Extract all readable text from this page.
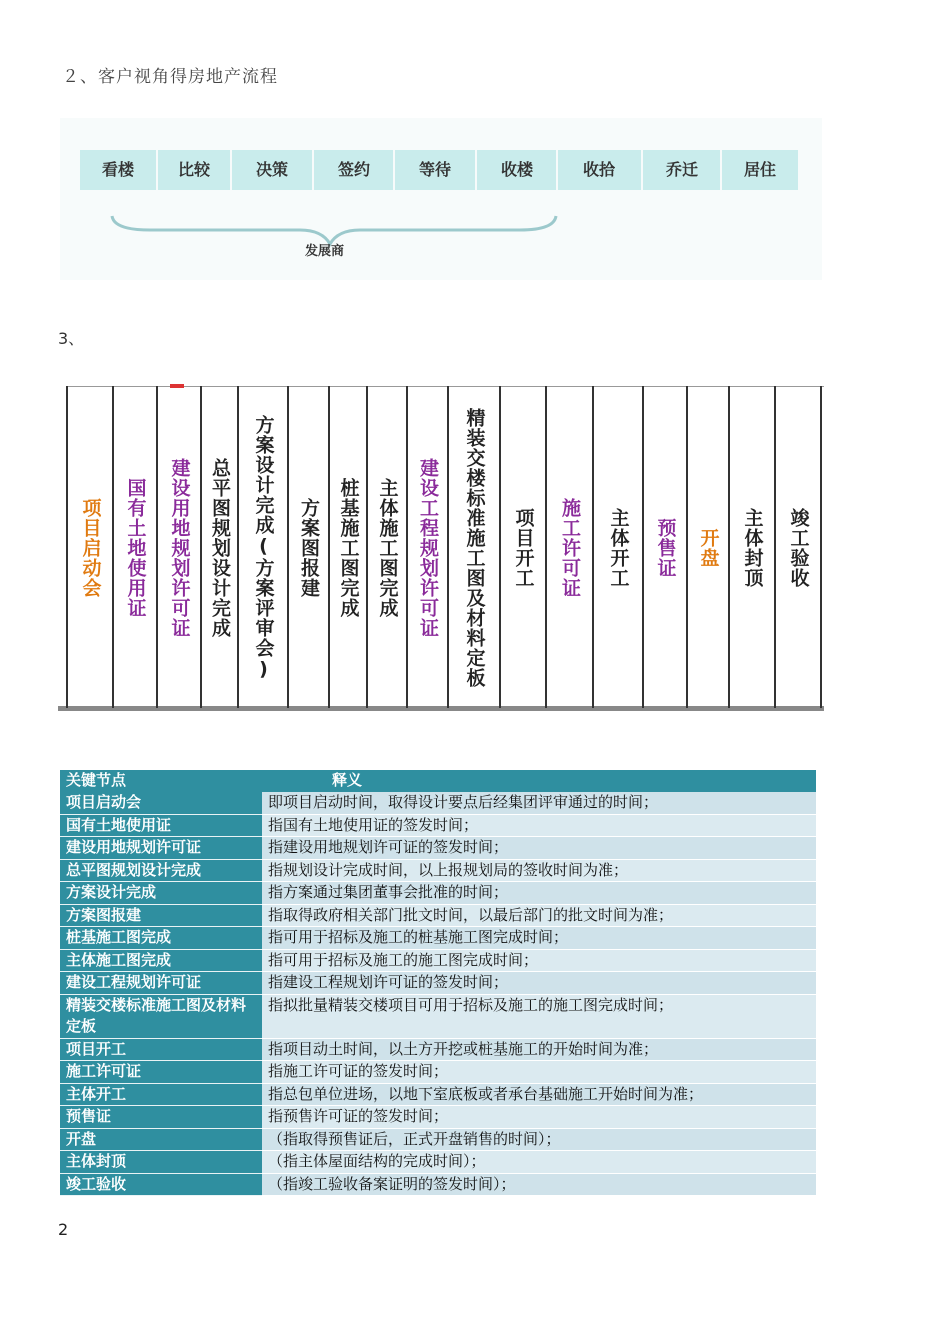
２、客户视角得房地产流程
发展商
看楼	比较	决策	签约	等待	收楼	收拾	乔迁	居住
3、
项目启动会 国有土地使用证 建设用地规划许可证 总平图规划设计完成 方案设计完成(方案评审会) 方案图报建 桩基施工图完成 主体施工图完成 建设工程规划许可证 精装交楼标准施工图及材料定板 项目开工 施工许可证 主体开工 预售证 开盘 主体封顶 竣工验收
关键节点	释义
项目启动会	即项目启动时间，取得设计要点后经集团评审通过的时间；
国有土地使用证	指国有土地使用证的签发时间；
建设用地规划许可证	指建设用地规划许可证的签发时间；
总平图规划设计完成	指规划设计完成时间，以上报规划局的签收时间为准；
方案设计完成	指方案通过集团董事会批准的时间；
方案图报建	指取得政府相关部门批文时间，以最后部门的批文时间为准；
桩基施工图完成	指可用于招标及施工的桩基施工图完成时间；
主体施工图完成	指可用于招标及施工的施工图完成时间；
建设工程规划许可证	指建设工程规划许可证的签发时间；
精装交楼标准施工图及材料定板	指拟批量精装交楼项目可用于招标及施工的施工图完成时间；
项目开工	指项目动土时间，以土方开挖或桩基施工的开始时间为准；
施工许可证	指施工许可证的签发时间；
主体开工	指总包单位进场，以地下室底板或者承台基础施工开始时间为准；
预售证	指预售许可证的签发时间；
开盘	（指取得预售证后，正式开盘销售的时间）；
主体封顶	（指主体屋面结构的完成时间）；
竣工验收	（指竣工验收备案证明的签发时间）；
2
